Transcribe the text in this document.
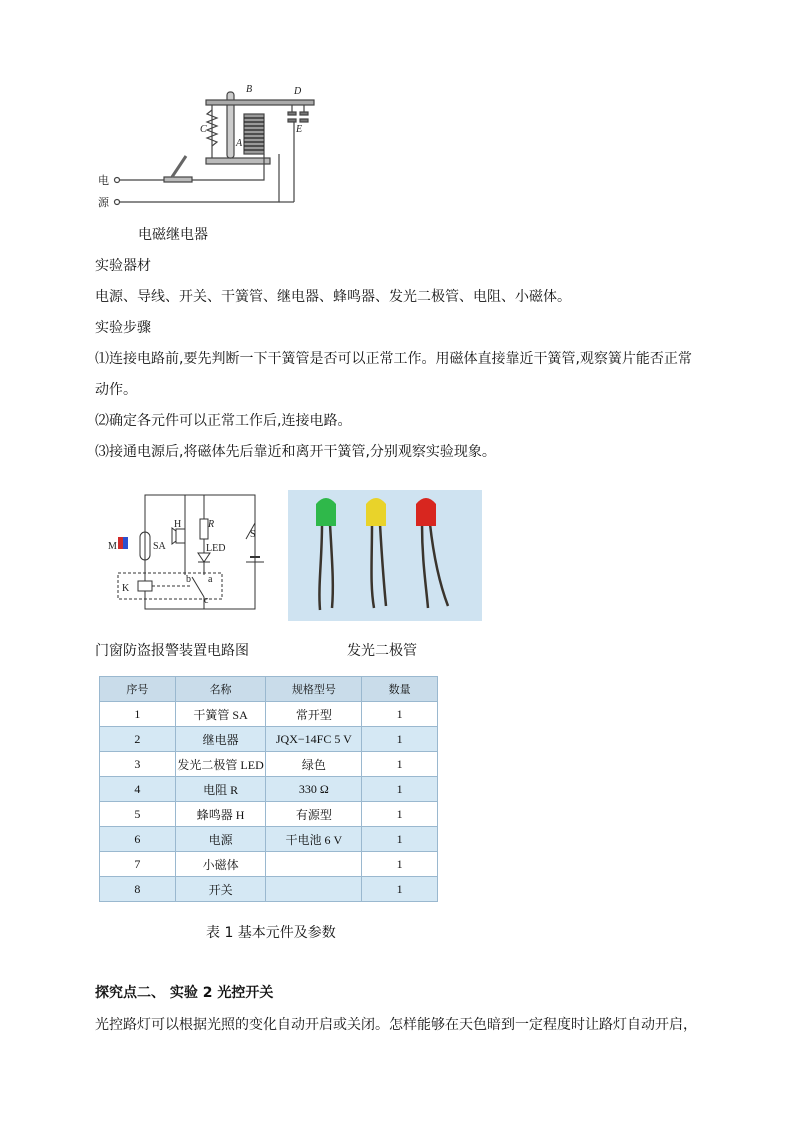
A
B
C
D
E
电
源
电磁继电器
实验器材
电源、导线、开关、干簧管、继电器、蜂鸣器、发光二极管、电阻、小磁体。
实验步骤
⑴连接电路前,要先判断一下干簧管是否可以正常工作。用磁体直接靠近干簧管,观察簧片能否正常
动作。
⑵确定各元件可以正常工作后,连接电路。
⑶接通电源后,将磁体先后靠近和离开干簧管,分别观察实验现象。
M	SA
H	R
LED
S
K
a
b
c
门窗防盗报警装置电路图	发光二极管
序号	名称	规格型号	数量
1	干簧管 SA	常开型	1
2	继电器	JQX−14FC 5 V	1
3	发光二极管 LED	绿色	1
4	电阻 R	330 Ω	1
5	蜂鸣器 H	有源型	1
6	电源	干电池 6 V	1
7	小磁体		1
8	开关		1
表 1 基本元件及参数
探究点二、 实验 2 光控开关
光控路灯可以根据光照的变化自动开启或关闭。怎样能够在天色暗到一定程度时让路灯自动开启，
